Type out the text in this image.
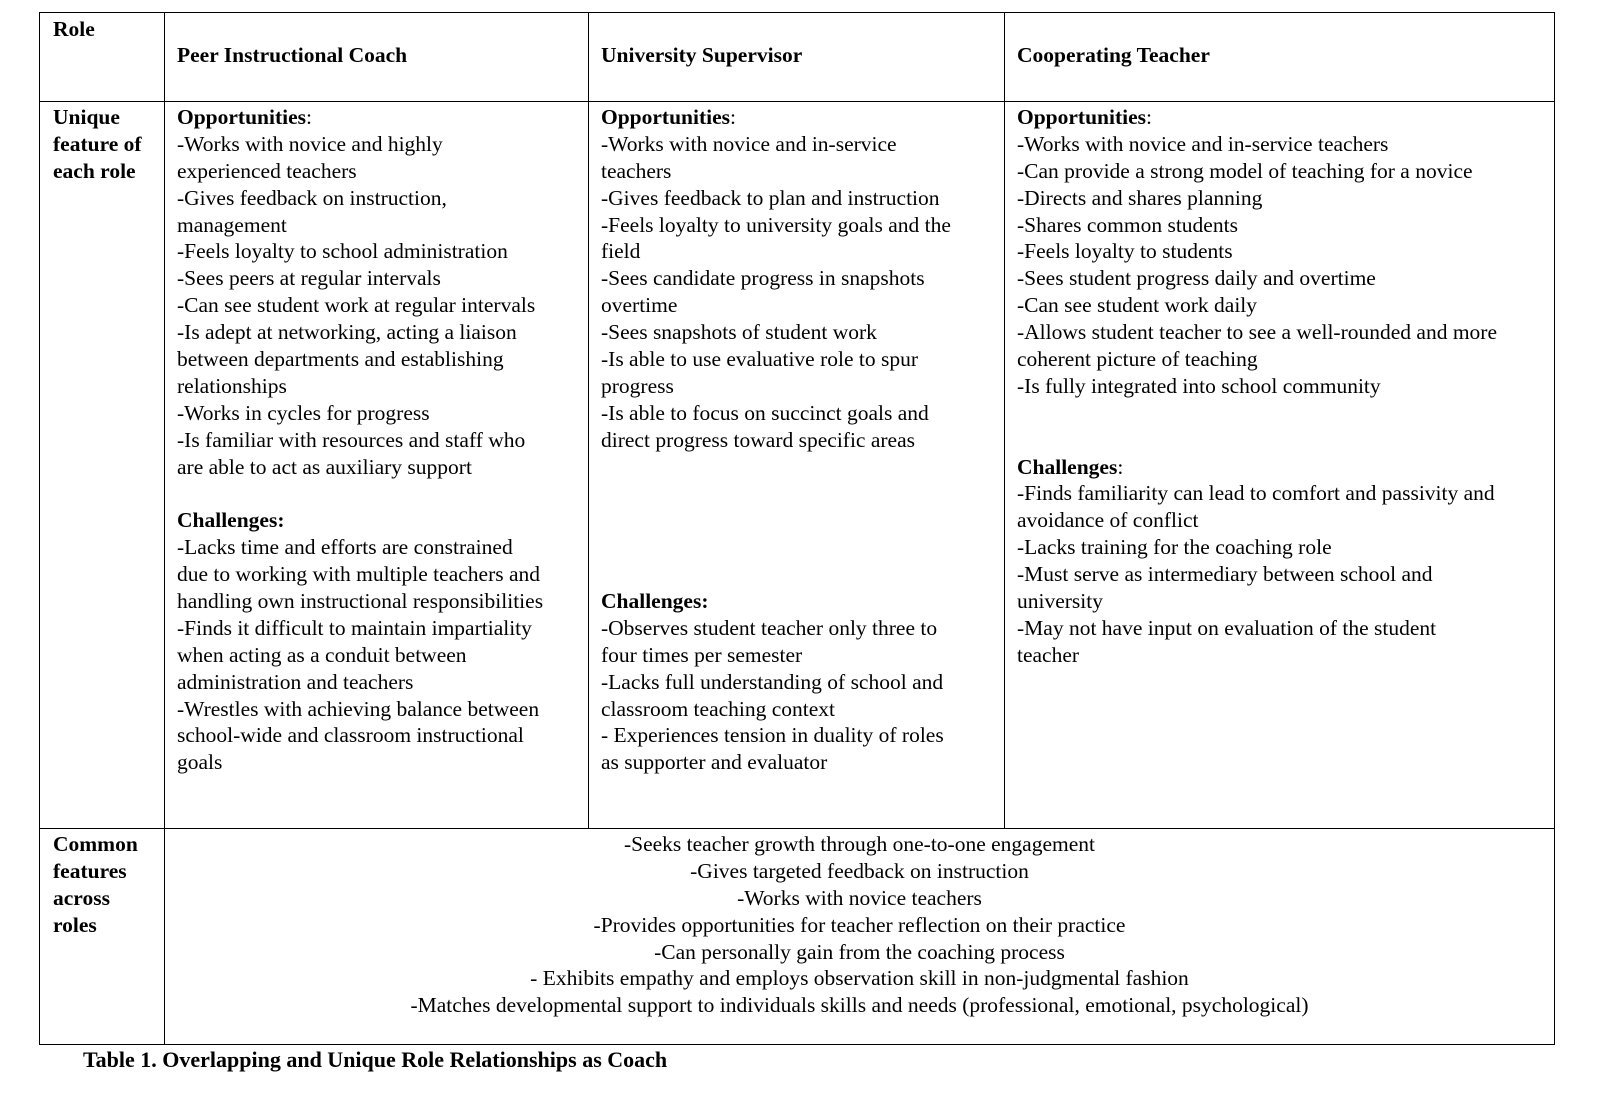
Role
Peer Instructional Coach	University Supervisor	Cooperating Teacher
Unique
feature of
each role
Opportunities:
-Works with novice and highly
experienced teachers
-Gives feedback on instruction,
management
-Feels loyalty to school administration
-Sees peers at regular intervals
-Can see student work at regular intervals
-Is adept at networking, acting a liaison
between departments and establishing
relationships
-Works in cycles for progress
-Is familiar with resources and staff who
are able to act as auxiliary support
Challenges:
-Lacks time and efforts are constrained
due to working with multiple teachers and
handling own instructional responsibilities
-Finds it difficult to maintain impartiality
when acting as a conduit between
administration and teachers
-Wrestles with achieving balance between
school-wide and classroom instructional
goals
Opportunities:
-Works with novice and in-service
teachers
-Gives feedback to plan and instruction
-Feels loyalty to university goals and the
field
-Sees candidate progress in snapshots
overtime
-Sees snapshots of student work
-Is able to use evaluative role to spur
progress
-Is able to focus on succinct goals and
direct progress toward specific areas
Challenges:
-Observes student teacher only three to
four times per semester
-Lacks full understanding of school and
classroom teaching context
- Experiences tension in duality of roles
as supporter and evaluator
Opportunities:
-Works with novice and in-service teachers
-Can provide a strong model of teaching for a novice
-Directs and shares planning
-Shares common students
-Feels loyalty to students
-Sees student progress daily and overtime
-Can see student work daily
-Allows student teacher to see a well-rounded and more
coherent picture of teaching
-Is fully integrated into school community
Challenges:
-Finds familiarity can lead to comfort and passivity and
avoidance of conflict
-Lacks training for the coaching role
-Must serve as intermediary between school and
university
-May not have input on evaluation of the student
teacher
Common
features
across
roles
-Seeks teacher growth through one-to-one engagement
-Gives targeted feedback on instruction
-Works with novice teachers
-Provides opportunities for teacher reflection on their practice
-Can personally gain from the coaching process
- Exhibits empathy and employs observation skill in non-judgmental fashion
-Matches developmental support to individuals skills and needs (professional, emotional, psychological)
Table 1. Overlapping and Unique Role Relationships as Coach
